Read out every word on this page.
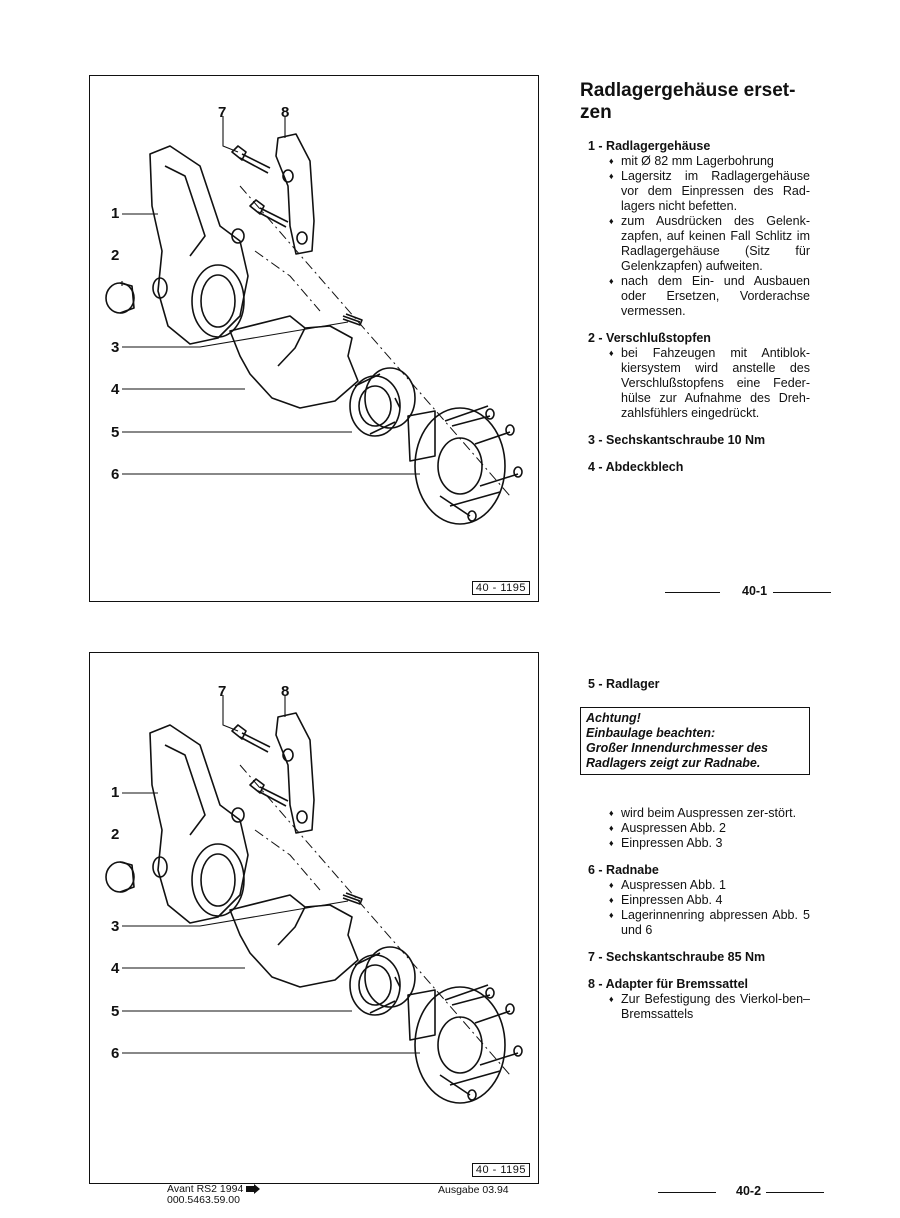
7	8
1
2
3
4
5
6
40 - 1195
Radlagergehäuse erset-zen
1 - Radlagergehäuse
♦ mit Ø 82 mm Lagerbohrung
♦ Lagersitz im Radlagergehäuse vor dem Einpressen des Rad-lagers nicht befetten.
♦ zum Ausdrücken des Gelenk-zapfen, auf keinen Fall Schlitz im Radlagergehäuse (Sitz für Gelenkzapfen) aufweiten.
♦ nach dem Ein- und Ausbauen oder Ersetzen, Vorderachse vermessen.
2 - Verschlußstopfen
♦ bei Fahzeugen mit Antiblok-kiersystem wird anstelle des Verschlußstopfens eine Feder-hülse zur Aufnahme des Dreh-zahlsfühlers eingedrückt.
3 - Sechskantschraube 10 Nm
4 - Abdeckblech
40-1
7	8
1
2
3
4
5
6
40 - 1195
5 - Radlager
Achtung!
Einbaulage beachten:
Großer Innendurchmesser des Radlagers zeigt zur Radnabe.
♦ wird beim Auspressen zer-stört.
♦ Auspressen Abb. 2
♦ Einpressen Abb. 3
6 - Radnabe
♦ Auspressen Abb. 1
♦ Einpressen Abb. 4
♦ Lagerinnenring abpressen Abb. 5 und 6
7 - Sechskantschraube 85 Nm
8 - Adapter für Bremssattel
♦ Zur Befestigung des Vierkol-ben–Bremssattels
Avant RS2 1994
000.5463.59.00
Ausgabe 03.94	40-2
